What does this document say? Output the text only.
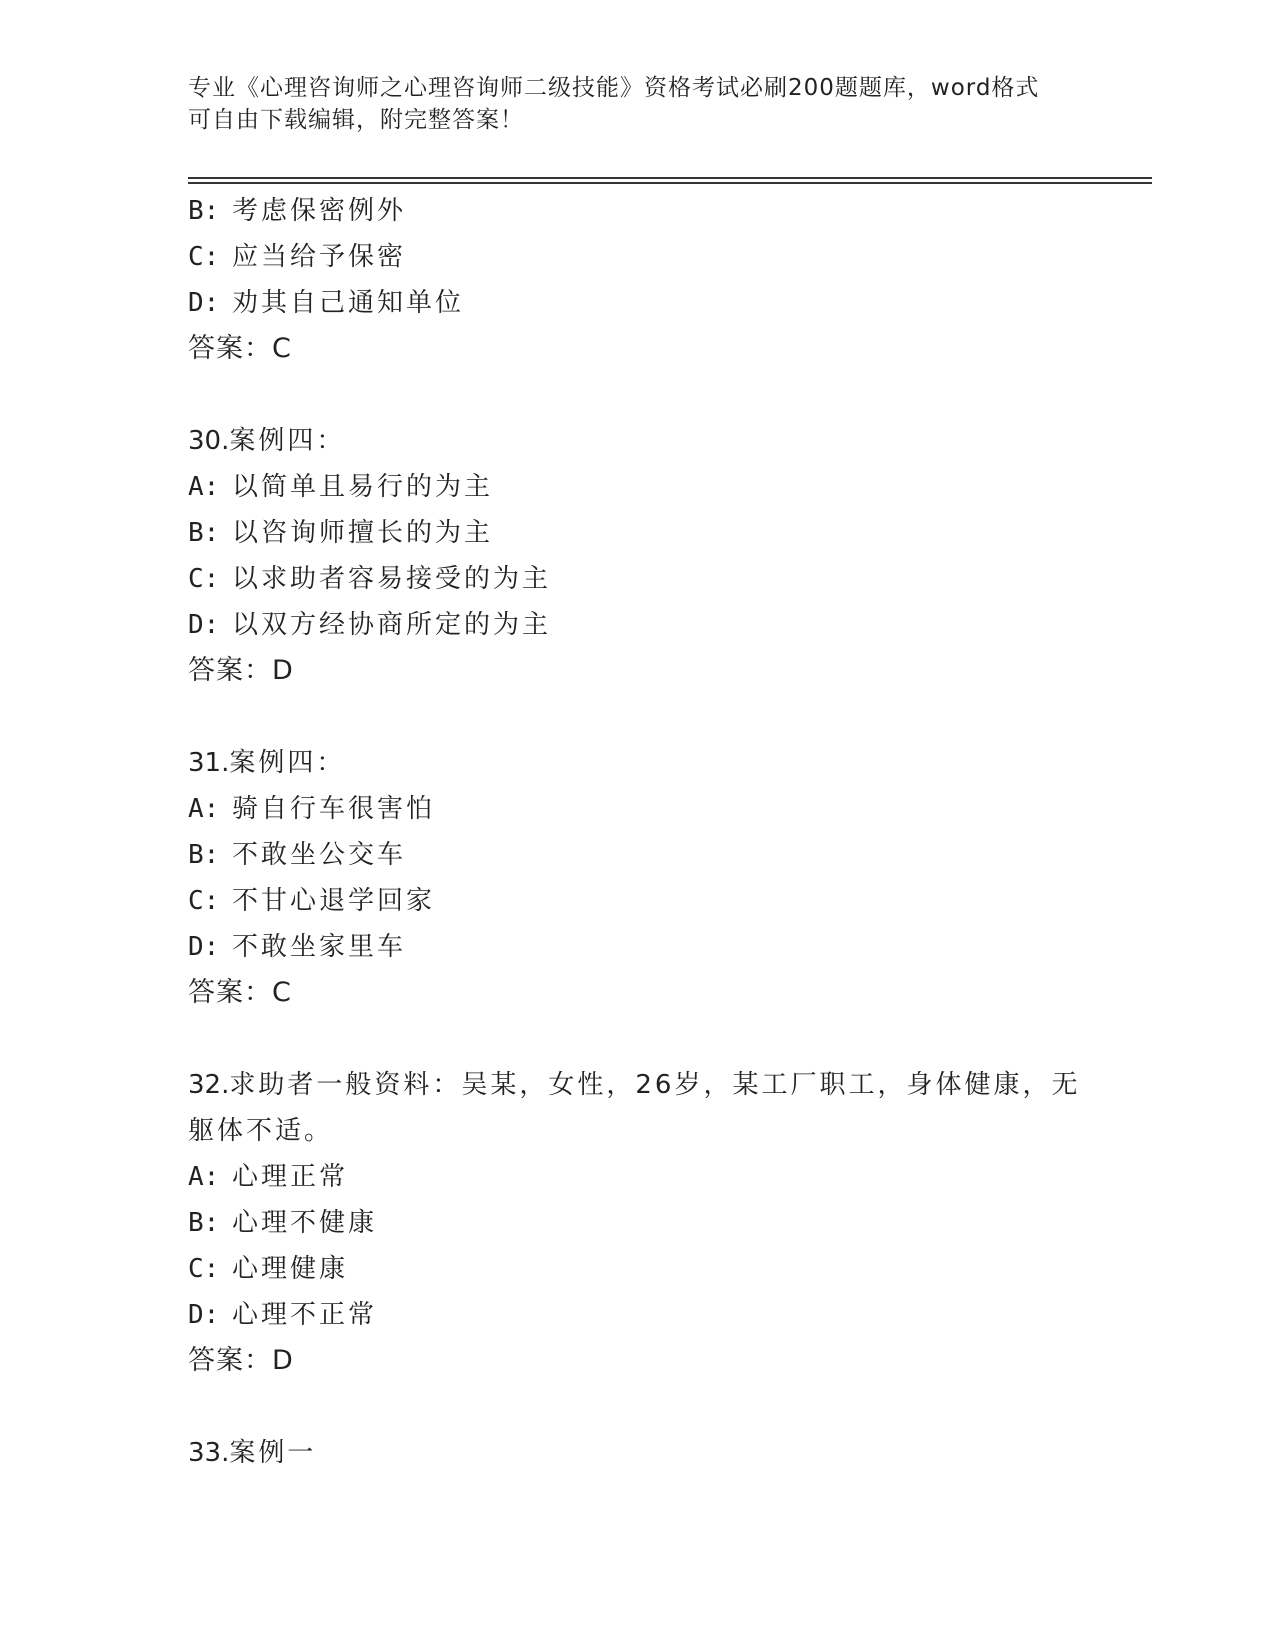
专业《心理咨询师之心理咨询师二级技能》资格考试必刷200题题库，word格式
可自由下载编辑，附完整答案！
B: 考虑保密例外
C: 应当给予保密
D: 劝其自己通知单位
答案：C
30.案例四：
A: 以简单且易行的为主
B: 以咨询师擅长的为主
C: 以求助者容易接受的为主
D: 以双方经协商所定的为主
答案：D
31.案例四：
A: 骑自行车很害怕
B: 不敢坐公交车
C: 不甘心退学回家
D: 不敢坐家里车
答案：C
32.求助者一般资料：吴某，女性，26岁，某工厂职工，身体健康，无
躯体不适。
A: 心理正常
B: 心理不健康
C: 心理健康
D: 心理不正常
答案：D
33.案例一
